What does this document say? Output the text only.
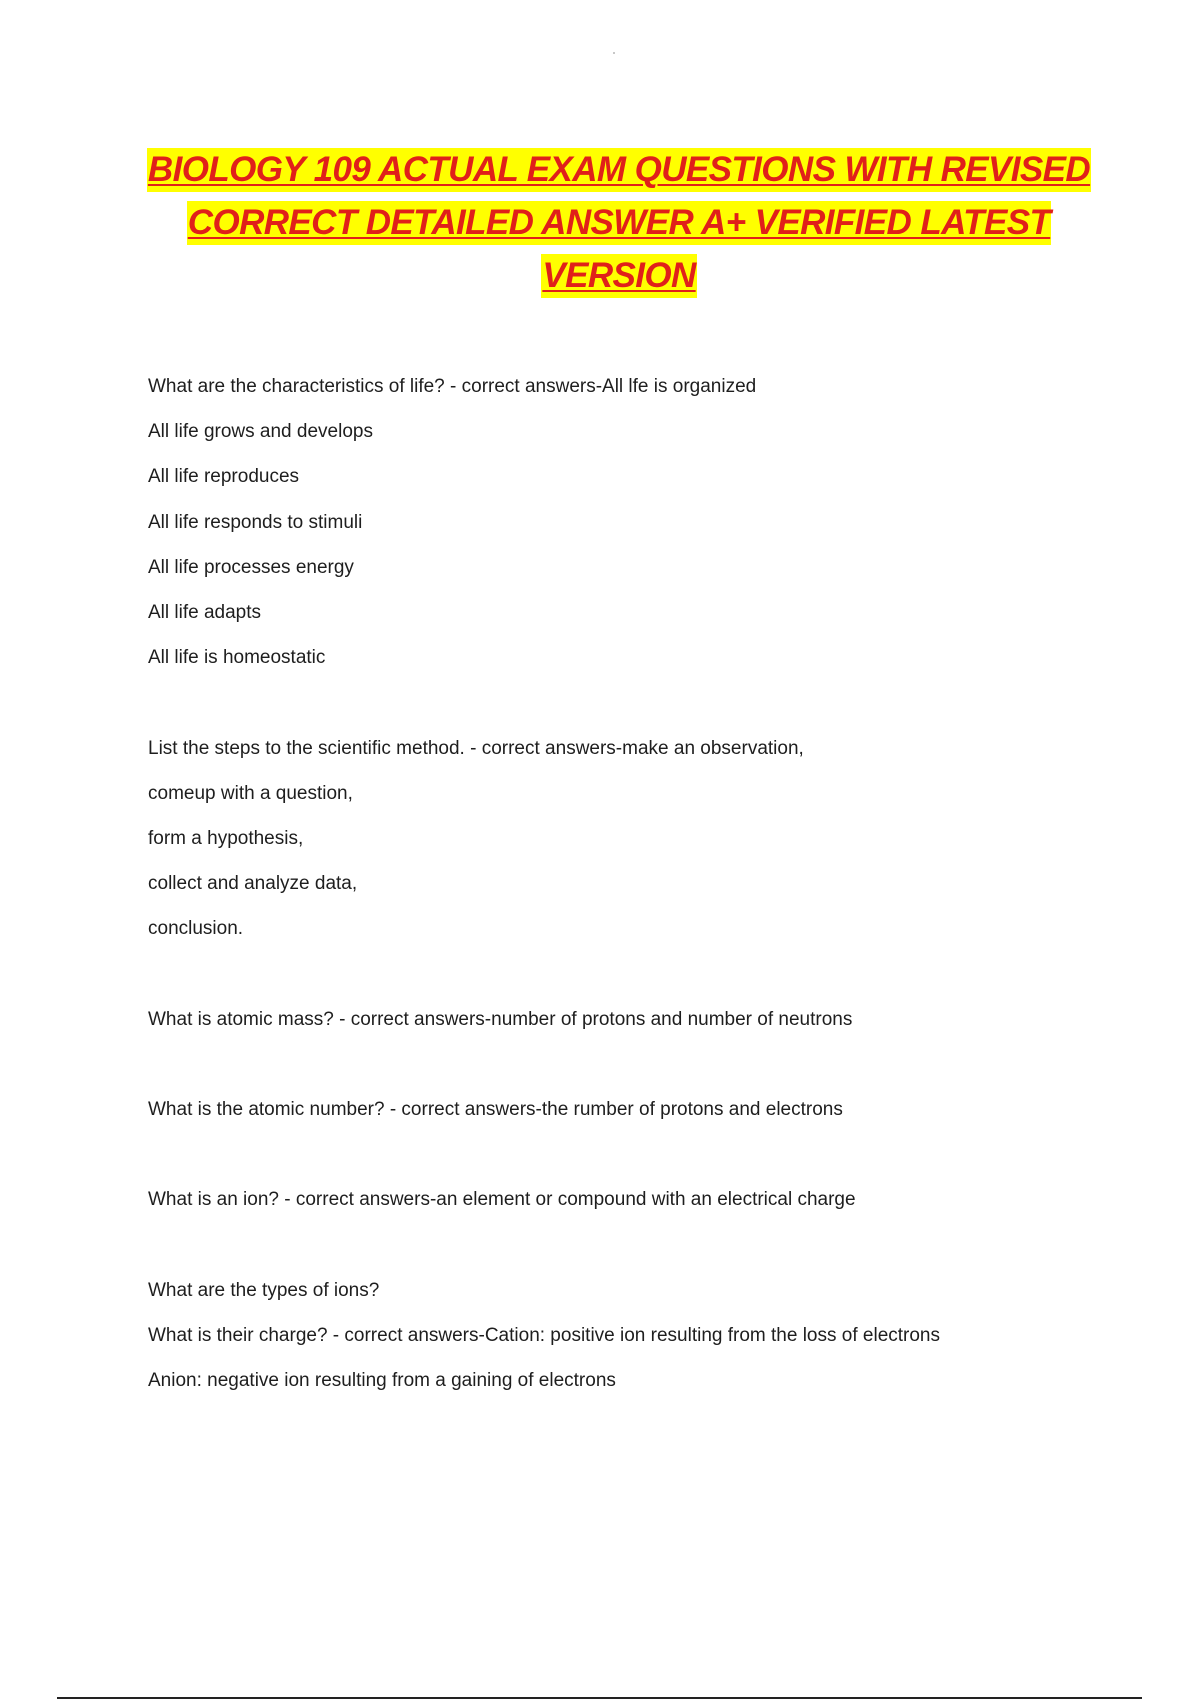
BIOLOGY 109 ACTUAL EXAM QUESTIONS WITH REVISED
CORRECT DETAILED ANSWER A+ VERIFIED LATEST
VERSION
What are the characteristics of life? - correct answers-All lfe is organized
All life grows and develops
All life reproduces
All life responds to stimuli
All life processes energy
All life adapts
All life is homeostatic
List the steps to the scientific method. - correct answers-make an observation,
comeup with a question,
form a hypothesis,
collect and analyze data,
conclusion.
What is atomic mass? - correct answers-number of protons and number of neutrons
What is the atomic number? - correct answers-the rumber of protons and electrons
What is an ion? - correct answers-an element or compound with an electrical charge
What are the types of ions?
What is their charge? - correct answers-Cation: positive ion resulting from the loss of electrons
Anion: negative ion resulting from a gaining of electrons
